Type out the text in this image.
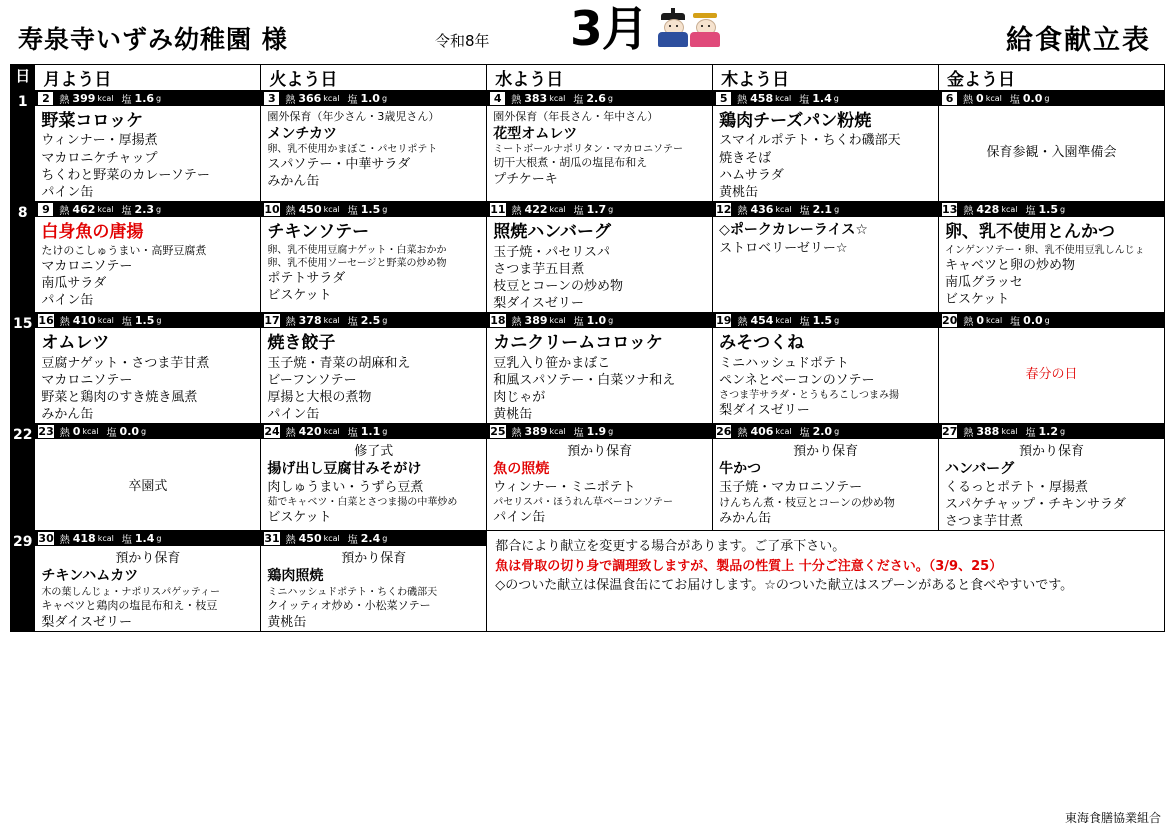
寿泉寺いずみ幼稚園 様	令和8年 3月	給食献立表
日	月よう日	火よう日	水よう日	木よう日	金よう日
1	2 熱 399 kcal 塩 1.6 g
野菜コロッケ
ウィンナー・厚揚煮
マカロニケチャップ
ちくわと野菜のカレーソテー
パイン缶

3 熱 366 kcal 塩 1.0 g
園外保育（年少さん・3歳児さん）
メンチカツ
卵、乳不使用かまぼこ・パセリポテト
スパソテー・中華サラダ
みかん缶

4 熱 383 kcal 塩 2.6 g
園外保育（年長さん・年中さん）
花型オムレツ
ミートボールナポリタン・マカロニソテー
切干大根煮・胡瓜の塩昆布和え
プチケーキ

5 熱 458 kcal 塩 1.4 g
鶏肉チーズパン粉焼
スマイルポテト・ちくわ磯部天
焼きそば
ハムサラダ
黄桃缶

6 熱 0 kcal 塩 0.0 g

保育参観・入園準備会

8	9 熱 462 kcal 塩 2.3 g
白身魚の唐揚
たけのこしゅうまい・高野豆腐煮
マカロニソテー
南瓜サラダ
パイン缶

10 熱 450 kcal 塩 1.5 g
チキンソテー
卵、乳不使用豆腐ナゲット・白菜おかか
卵、乳不使用ソーセージと野菜の炒め物
ポテトサラダ
ビスケット

11 熱 422 kcal 塩 1.7 g
照焼ハンバーグ
玉子焼・パセリスパ
さつま芋五目煮
枝豆とコーンの炒め物
梨ダイスゼリー

12 熱 436 kcal 塩 2.1 g
◇ポークカレーライス☆
ストロベリーゼリー☆

13 熱 428 kcal 塩 1.5 g
卵、乳不使用とんかつ
インゲンソテー・卵、乳不使用豆乳しんじょ
キャベツと卵の炒め物
南瓜グラッセ
ビスケット

15	16 熱 410 kcal 塩 1.5 g
オムレツ
豆腐ナゲット・さつま芋甘煮
マカロニソテー
野菜と鶏肉のすき焼き風煮
みかん缶

17 熱 378 kcal 塩 2.5 g
焼き餃子
玉子焼・青菜の胡麻和え
ビーフンソテー
厚揚と大根の煮物
パイン缶

18 熱 389 kcal 塩 1.0 g
カニクリームコロッケ
豆乳入り笹かまぼこ
和風スパソテー・白菜ツナ和え
肉じゃが
黄桃缶

19 熱 454 kcal 塩 1.5 g
みそつくね
ミニハッシュドポテト
ペンネとベーコンのソテー
さつま芋サラダ・とうもろこしつまみ揚
梨ダイスゼリー

20 熱 0 kcal 塩 0.0 g

春分の日

22	23 熱 0 kcal 塩 0.0 g

卒園式

24 熱 420 kcal 塩 1.1 g
修了式
揚げ出し豆腐甘みそがけ
肉しゅうまい・うずら豆煮
茹でキャベツ・白菜とさつま揚の中華炒め
ビスケット

25 熱 389 kcal 塩 1.9 g
預かり保育
魚の照焼
ウィンナー・ミニポテト
パセリスパ・ほうれん草ベーコンソテー
パイン缶

26 熱 406 kcal 塩 2.0 g
預かり保育
牛かつ
玉子焼・マカロニソテー
けんちん煮・枝豆とコーンの炒め物
みかん缶

27 熱 388 kcal 塩 1.2 g
預かり保育
ハンバーグ
くるっとポテト・厚揚煮
スパケチャップ・チキンサラダ
さつま芋甘煮

29	30 熱 418 kcal 塩 1.4 g
預かり保育
チキンハムカツ
木の葉しんじょ・ナポリスパゲッティー
キャベツと鶏肉の塩昆布和え・枝豆
梨ダイスゼリー

31 熱 450 kcal 塩 2.4 g
預かり保育
鶏肉照焼
ミニハッシュドポテト・ちくわ磯部天
クイッティオ炒め・小松菜ソテー
黄桃缶

都合により献立を変更する場合があります。ご了承下さい。
魚は骨取の切り身で調理致しますが、製品の性質上 十分ご注意ください。（3/9、25）
◇のついた献立は保温食缶にてお届けします。☆のついた献立はスプーンがあると食べやすいです。
東海食膳協業組合
